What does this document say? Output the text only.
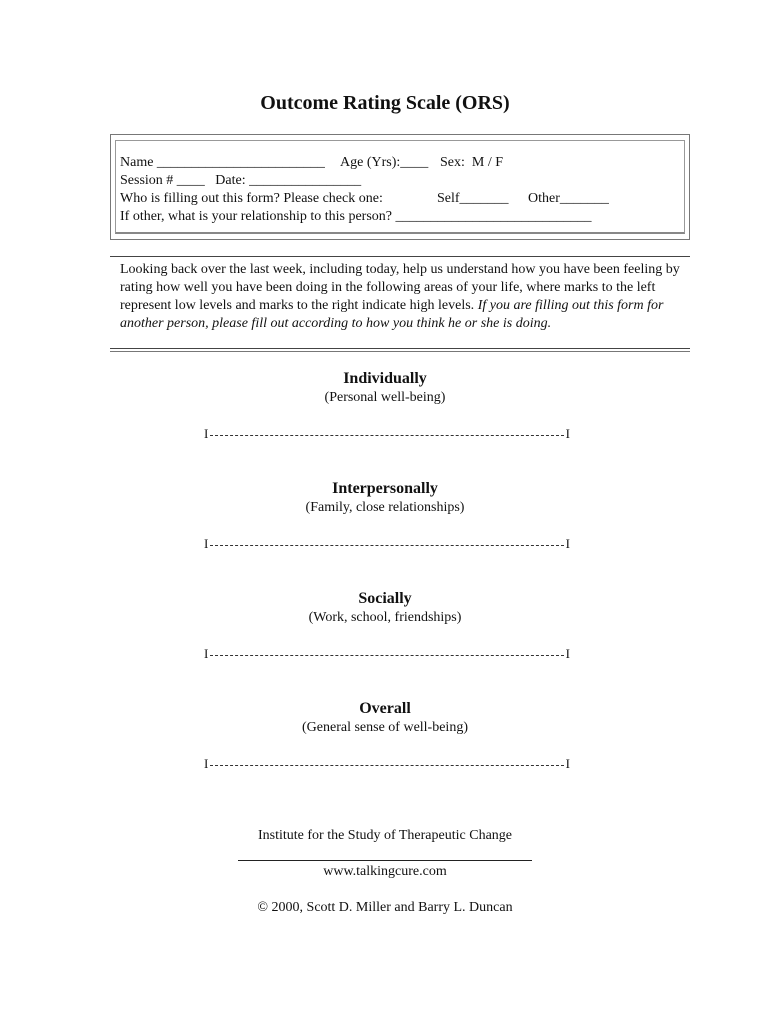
Outcome Rating Scale (ORS)
Name ________________________ Age (Yrs):____ Sex:  M / F
Session # ____   Date: ________________
Who is filling out this form? Please check one:	Self_______ Other_______
If other, what is your relationship to this person? ____________________________
Looking back over the last week, including today, help us understand how you have been feeling by rating how well you have been doing in the following areas of your life, where marks to the left represent low levels and marks to the right indicate high levels. If you are filling out this form for another person, please fill out according to how you think he or she is doing.
Individually
(Personal well-being)
I	I
Interpersonally
(Family, close relationships)
I	I
Socially
(Work, school, friendships)
I	I
Overall
(General sense of well-being)
I	I
Institute for the Study of Therapeutic Change
www.talkingcure.com
© 2000, Scott D. Miller and Barry L. Duncan
